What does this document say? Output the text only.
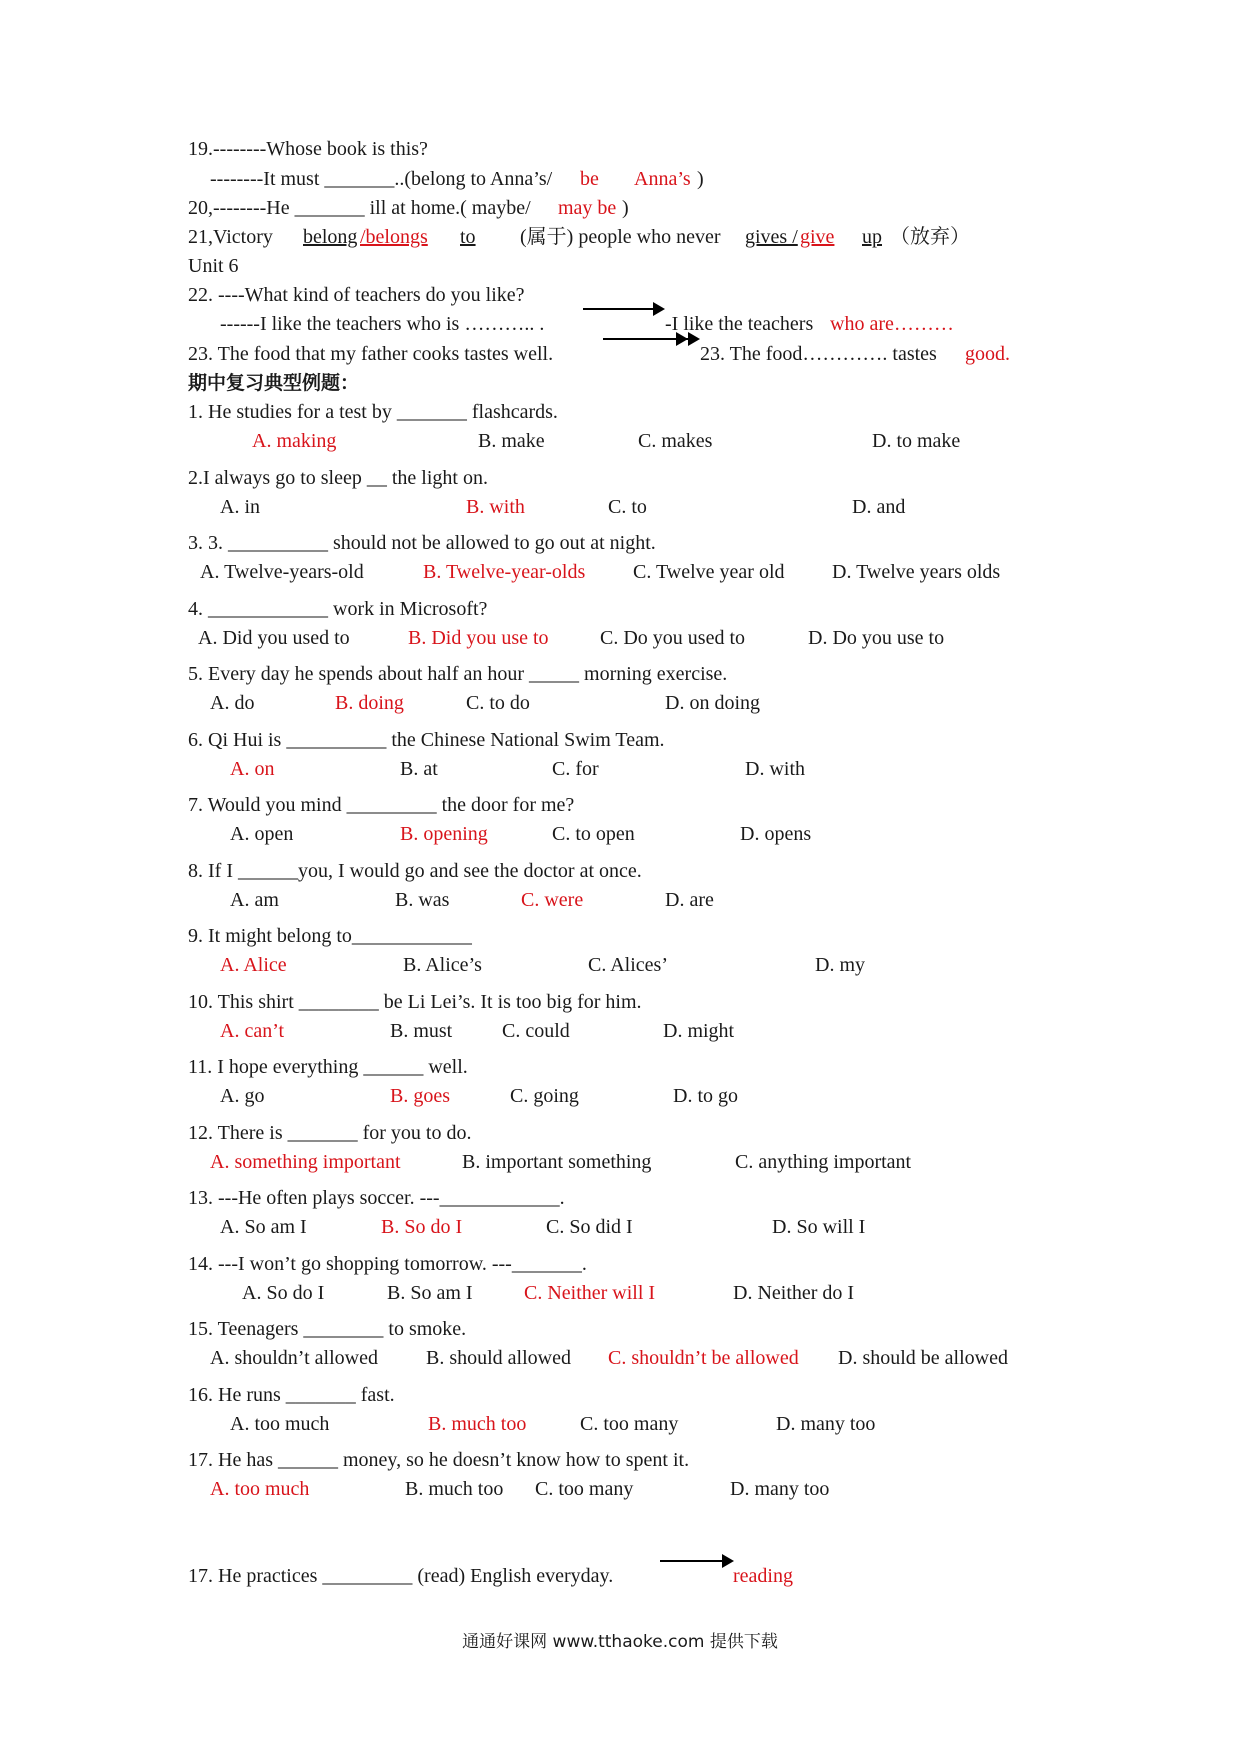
19.--------Whose book is this?
--------It must _______..(belong to Anna’s/ be Anna’s )
20,--------He _______ ill at home.( maybe/ may be )
21,Victory belong /belongs to (属于) people who never gives / give up （放弃）
Unit 6
22. ----What kind of teachers do you like?
------I like the teachers who is ……….. .	-I like the teachers who are………
23. The food that my father cooks tastes well.	23. The food…………. tastes good.
期中复习典型例题：
1. He studies for a test by _______ flashcards.
A. making	B. make	C. makes	D. to make
2.I always go to sleep __ the light on.
A. in	B. with	C. to	D. and
3. 3. __________ should not be allowed to go out at night.
A. Twelve-years-old	B. Twelve-year-olds C. Twelve year old D. Twelve years olds
4. ____________ work in Microsoft?
A. Did you used to	B. Did you use to	C. Do you used to	D. Do you use to
5. Every day he spends about half an hour _____ morning exercise.
A. do	B. doing	C. to do	D. on doing
6. Qi Hui is __________ the Chinese National Swim Team.
A. on	B. at	C. for	D. with
7. Would you mind _________ the door for me?
A. open	B. opening	C. to open	D. opens
8. If I ______you, I would go and see the doctor at once.
A. am	B. was	C. were	D. are
9. It might belong to____________
A. Alice	B. Alice’s	C. Alices’	D. my
10. This shirt ________ be Li Lei’s. It is too big for him.
A. can’t	B. must C. could	D. might
11. I hope everything ______ well.
A. go	B. goes	C. going	D. to go
12. There is _______ for you to do.
A. something important	B. important something	C. anything important
13. ---He often plays soccer. ---____________.
A. So am I	B. So do I	C. So did I	D. So will I
14. ---I won’t go shopping tomorrow. ---_______.
A. So do I	B. So am I	C. Neither will I	D. Neither do I
15. Teenagers ________ to smoke.
A. shouldn’t allowed B. should allowed C. shouldn’t be allowed D. should be allowed
16. He runs _______ fast.
A. too much	B. much too	C. too many	D. many too
17. He has ______ money, so he doesn’t know how to spent it.
A. too much	B. much too C. too many	D. many too
17. He practices _________ (read) English everyday.	reading
通通好课网 www.tthaoke.com 提供下载
